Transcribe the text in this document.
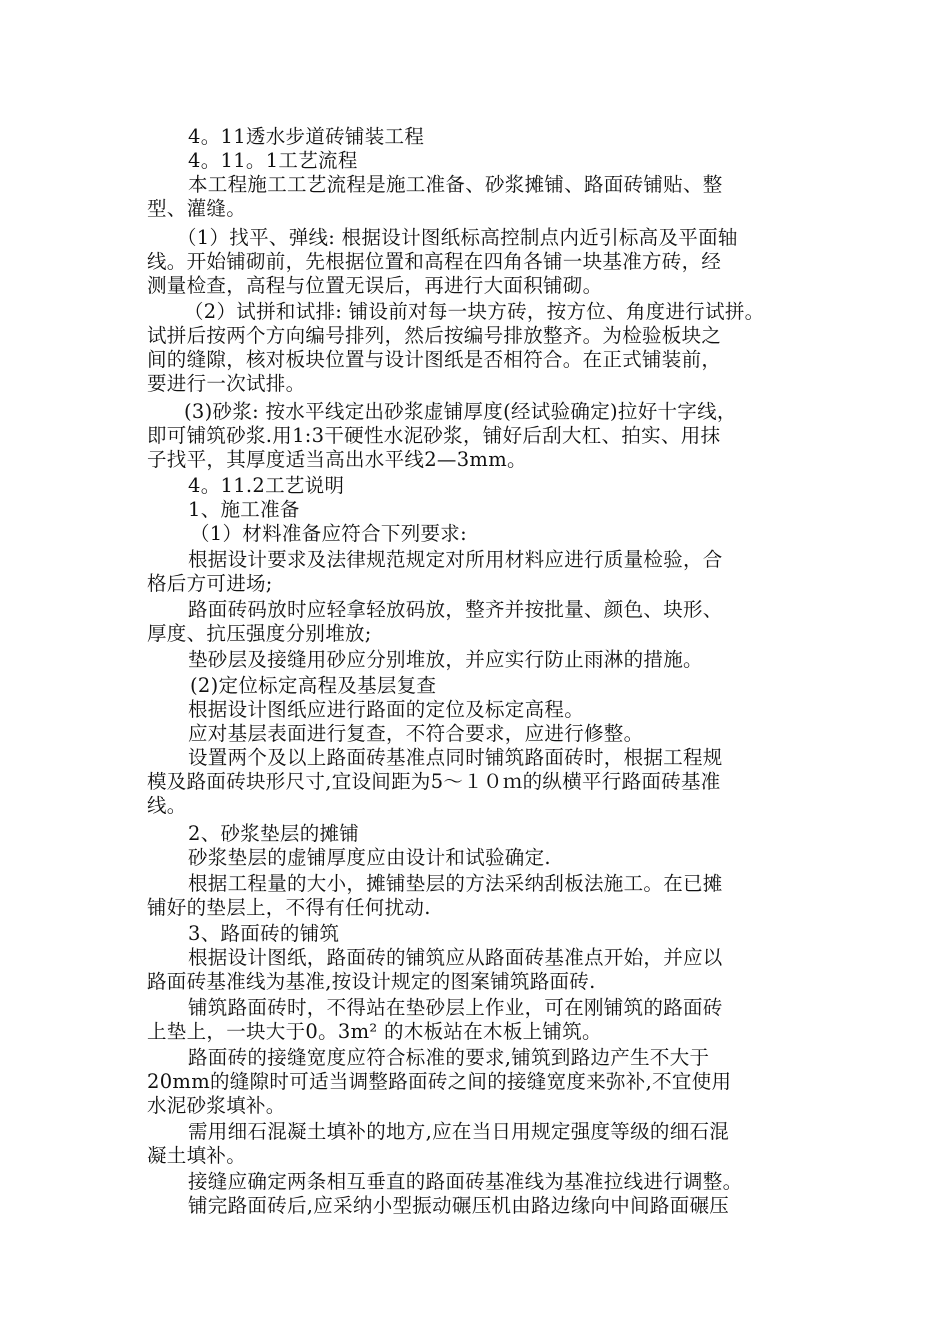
4。11透水步道砖铺装工程
4。11。1工艺流程
本工程施工工艺流程是施工准备、砂浆摊铺、路面砖铺贴、整
型、灌缝。
（1）找平、弹线: 根据设计图纸标高控制点内近引标高及平面轴
线。开始铺砌前，先根据位置和高程在四角各铺一块基准方砖，经
测量检查，高程与位置无误后，再进行大面积铺砌。
（2）试拼和试排: 铺设前对每一块方砖，按方位、角度进行试拼。
试拼后按两个方向编号排列，然后按编号排放整齐。为检验板块之
间的缝隙，核对板块位置与设计图纸是否相符合。在正式铺装前，
要进行一次试排。
(3)砂浆: 按水平线定出砂浆虚铺厚度(经试验确定)拉好十字线，
即可铺筑砂浆.用1:3干硬性水泥砂浆，铺好后刮大杠、拍实、用抹
子找平，其厚度适当高出水平线2—3mm。
4。11.2工艺说明
1、施工准备
（1）材料准备应符合下列要求:
根据设计要求及法律规范规定对所用材料应进行质量检验，合
格后方可进场;
路面砖码放时应轻拿轻放码放，整齐并按批量、颜色、块形、
厚度、抗压强度分别堆放;
垫砂层及接缝用砂应分别堆放，并应实行防止雨淋的措施。
(2)定位标定高程及基层复查
根据设计图纸应进行路面的定位及标定高程。
应对基层表面进行复查，不符合要求，应进行修整。
设置两个及以上路面砖基准点同时铺筑路面砖时，根据工程规
模及路面砖块形尺寸,宜设间距为5～１０ｍ的纵横平行路面砖基准
线。
2、砂浆垫层的摊铺
砂浆垫层的虚铺厚度应由设计和试验确定.
根据工程量的大小，摊铺垫层的方法采纳刮板法施工。在已摊
铺好的垫层上，不得有任何扰动.
3、路面砖的铺筑
根据设计图纸，路面砖的铺筑应从路面砖基准点开始，并应以
路面砖基准线为基准,按设计规定的图案铺筑路面砖.
铺筑路面砖时，不得站在垫砂层上作业，可在刚铺筑的路面砖
上垫上，一块大于0。3m² 的木板站在木板上铺筑。
路面砖的接缝宽度应符合标准的要求,铺筑到路边产生不大于
20mm的缝隙时可适当调整路面砖之间的接缝宽度来弥补,不宜使用
水泥砂浆填补。
需用细石混凝土填补的地方,应在当日用规定强度等级的细石混
凝土填补。
接缝应确定两条相互垂直的路面砖基准线为基准拉线进行调整。
铺完路面砖后,应采纳小型振动碾压机由路边缘向中间路面碾压
